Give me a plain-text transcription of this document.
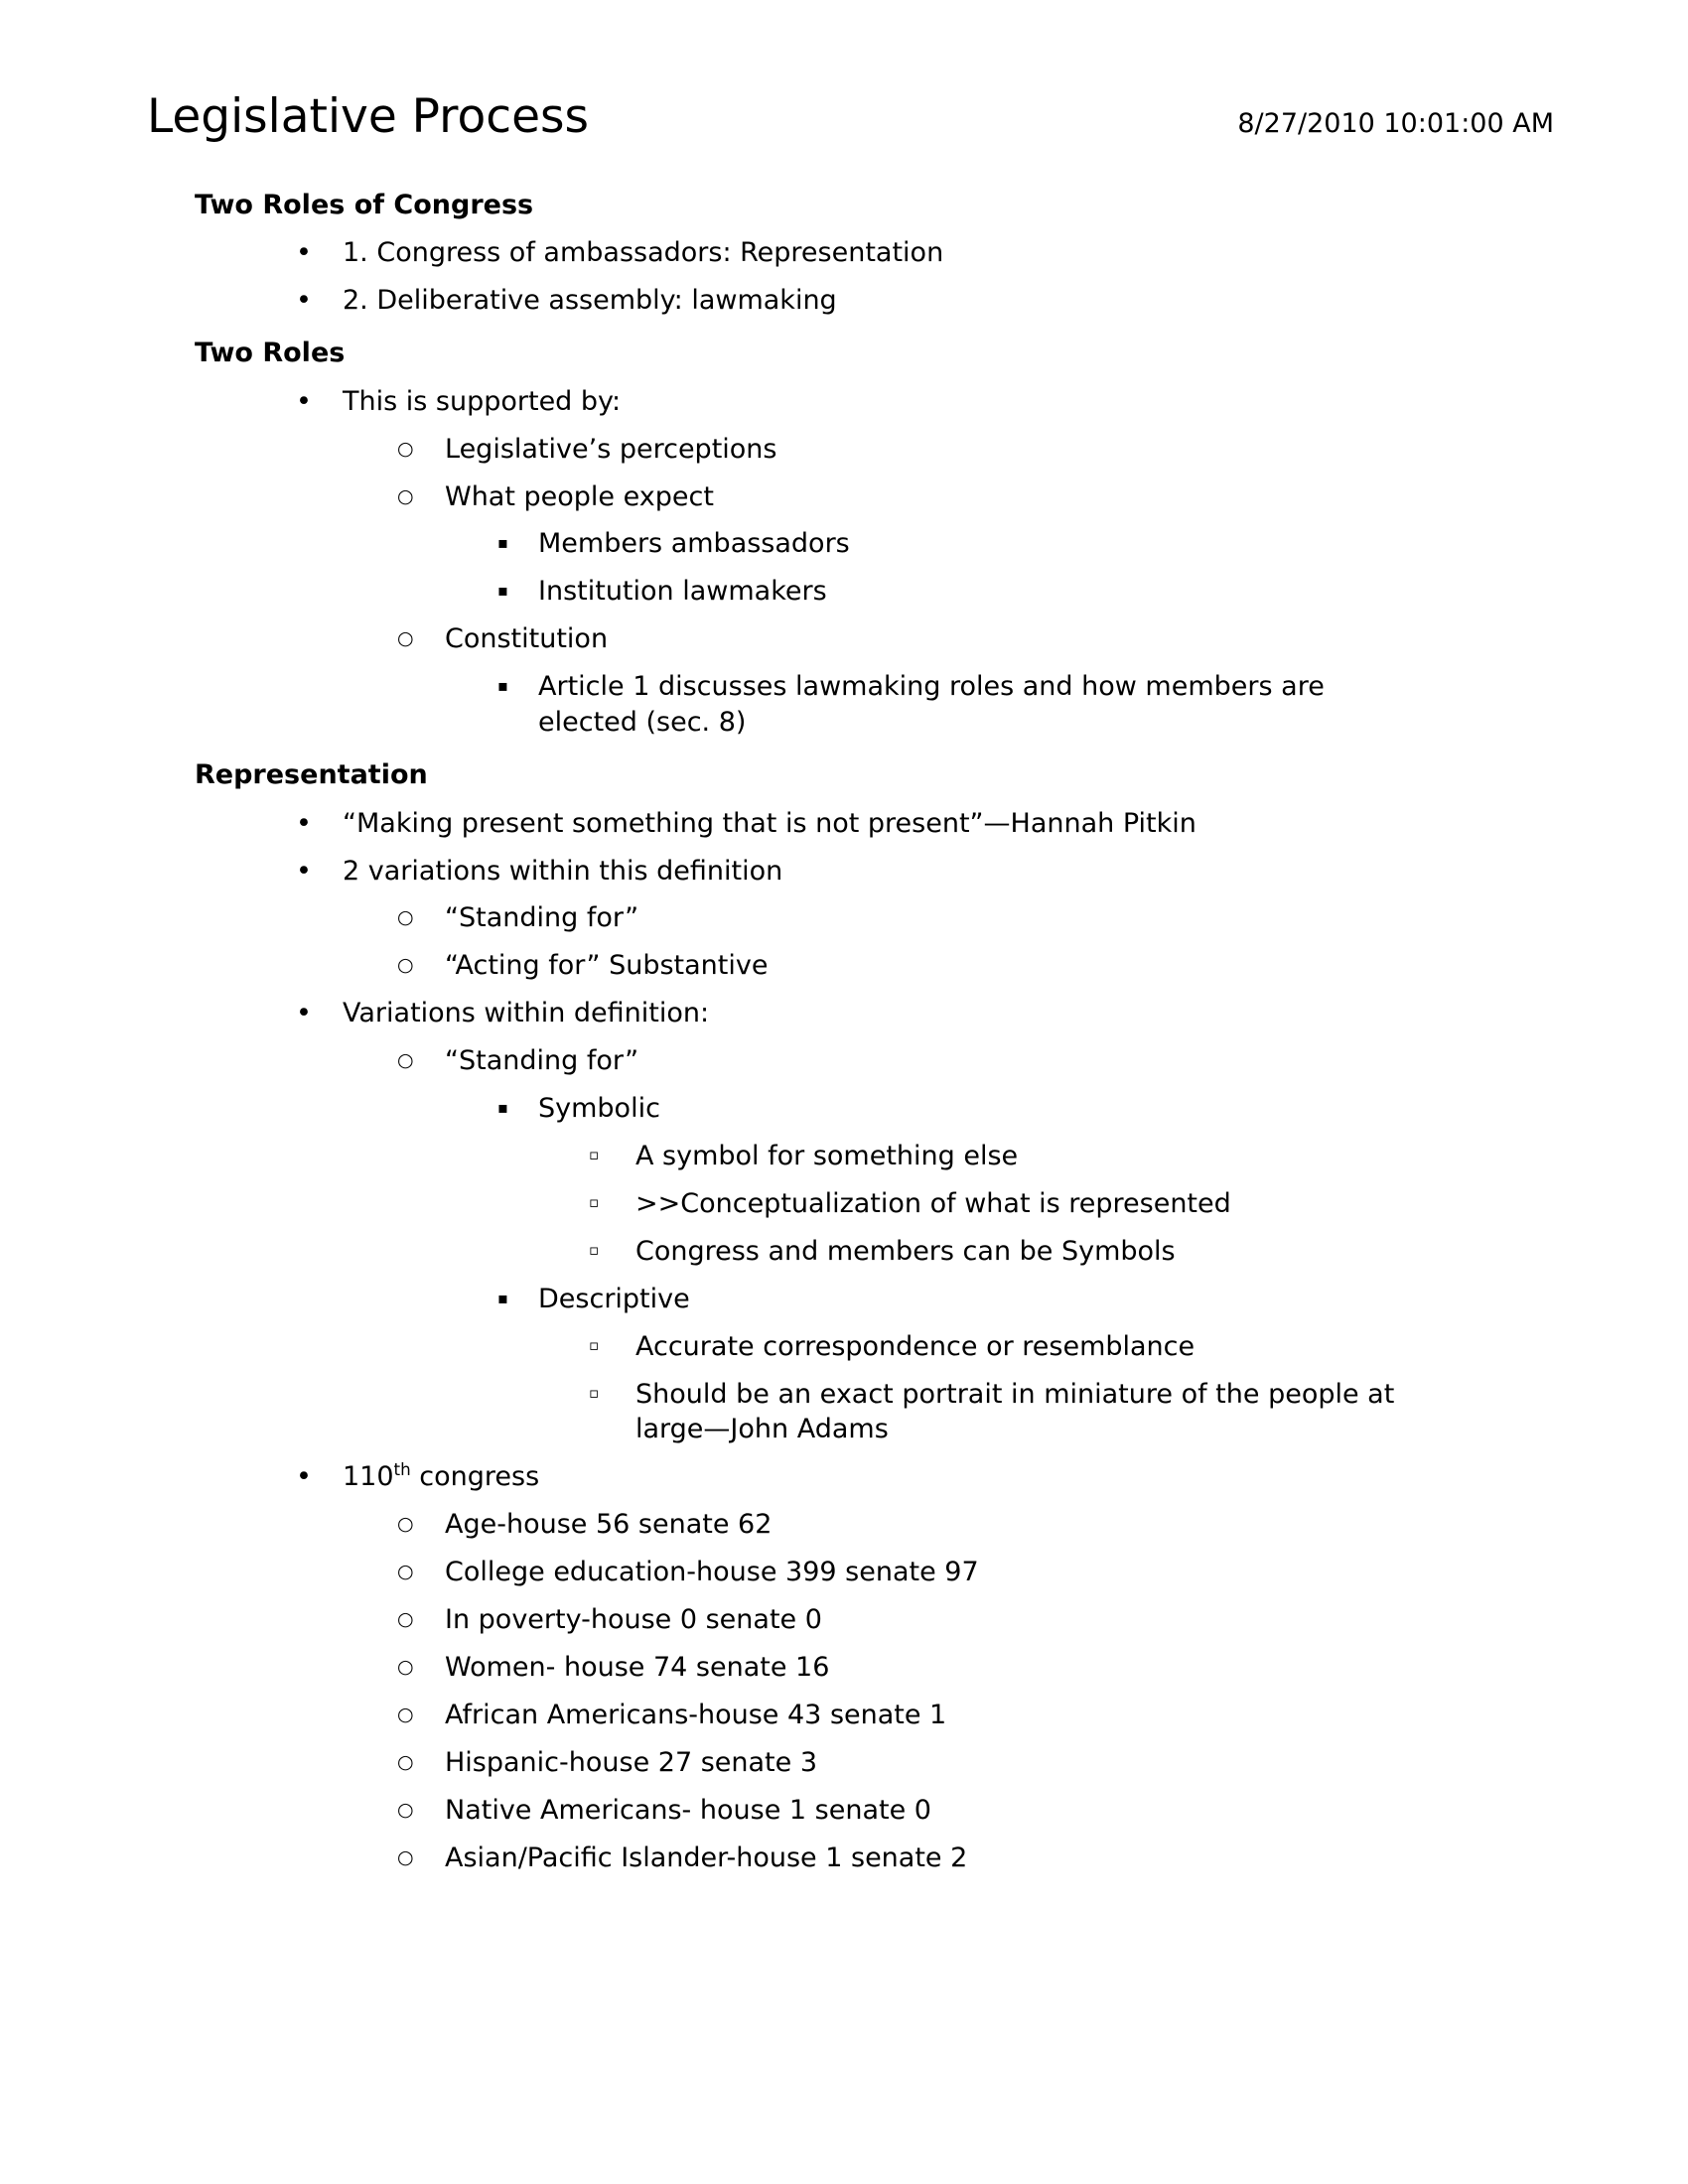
Legislative Process	8/27/2010 10:01:00 AM
Two Roles of Congress
•
1. Congress of ambassadors: Representation
•
2. Deliberative assembly: lawmaking
Two Roles
•
This is supported by:
○
Legislative’s perceptions
○
What people expect
▪
Members ambassadors
▪
Institution lawmakers
○
Constitution
▪
Article 1 discusses lawmaking roles and how members are elected (sec. 8)
Representation
•
“Making present something that is not present”—Hannah Pitkin
•
2 variations within this definition
○
“Standing for”
○
“Acting for” Substantive
•
Variations within definition:
○
“Standing for”
▪
Symbolic
▫
A symbol for something else
▫
>>Conceptualization of what is represented
▫
Congress and members can be Symbols
▪
Descriptive
▫
Accurate correspondence or resemblance
▫
Should be an exact portrait in miniature of the people at large—John Adams
•
110th congress
○
Age-house 56 senate 62
○
College education-house 399 senate 97
○
In poverty-house 0 senate 0
○
Women- house 74 senate 16
○
African Americans-house 43 senate 1
○
Hispanic-house 27 senate 3
○
Native Americans- house 1 senate 0
○
Asian/Pacific Islander-house 1 senate 2
